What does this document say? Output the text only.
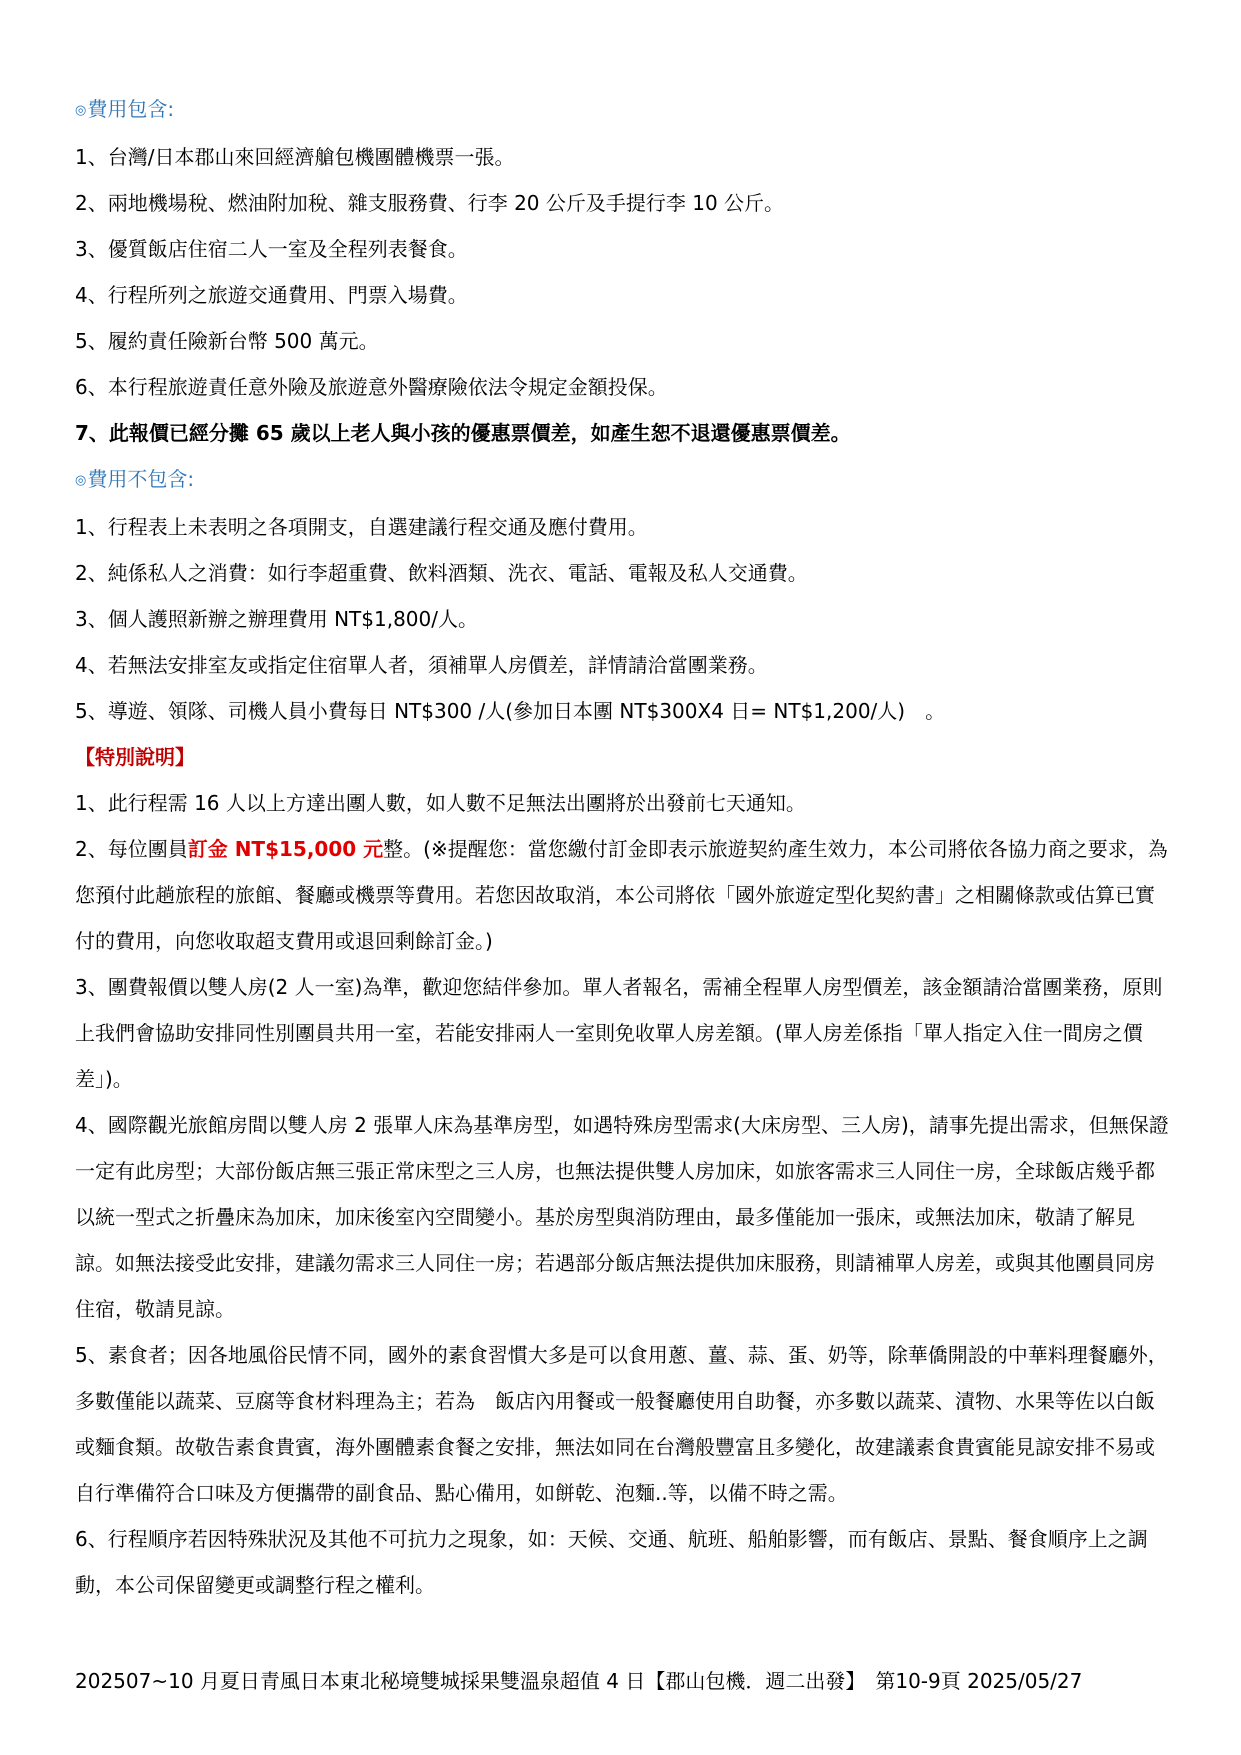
◎費用包含:

1、台灣/日本郡山來回經濟艙包機團體機票一張。

2、兩地機場稅、燃油附加稅、雜支服務費、行李 20 公斤及手提行李 10 公斤。

3、優質飯店住宿二人一室及全程列表餐食。

4、行程所列之旅遊交通費用、門票入場費。

5、履約責任險新台幣 500 萬元。

6、本行程旅遊責任意外險及旅遊意外醫療險依法令規定金額投保。

7、此報價已經分攤 65 歲以上老人與小孩的優惠票價差，如產生恕不退還優惠票價差。

◎費用不包含:

1、行程表上未表明之各項開支，自選建議行程交通及應付費用。

2、純係私人之消費：如行李超重費、飲料酒類、洗衣、電話、電報及私人交通費。

3、個人護照新辦之辦理費用 NT$1,800/人。

4、若無法安排室友或指定住宿單人者，須補單人房價差，詳情請洽當團業務。

5、導遊、領隊、司機人員小費每日 NT$300 /人(參加日本團 NT$300X4 日= NT$1,200/人)　。

【特別說明】

1、此行程需 16 人以上方達出團人數，如人數不足無法出團將於出發前七天通知。

2、每位團員訂金 NT$15,000 元整。(※提醒您：當您繳付訂金即表示旅遊契約產生效力，本公司將依各協力商之要求，為您預付此趟旅程的旅館、餐廳或機票等費用。若您因故取消，本公司將依「國外旅遊定型化契約書」之相關條款或估算已實付的費用，向您收取超支費用或退回剩餘訂金。)

3、團費報價以雙人房(2 人一室)為準，歡迎您結伴參加。單人者報名，需補全程單人房型價差，該金額請洽當團業務，原則上我們會協助安排同性別團員共用一室，若能安排兩人一室則免收單人房差額。(單人房差係指「單人指定入住一間房之價差」)。

4、國際觀光旅館房間以雙人房 2 張單人床為基準房型，如遇特殊房型需求(大床房型、三人房)，請事先提出需求，但無保證一定有此房型；大部份飯店無三張正常床型之三人房，也無法提供雙人房加床，如旅客需求三人同住一房，全球飯店幾乎都以統一型式之折疊床為加床，加床後室內空間變小。基於房型與消防理由，最多僅能加一張床，或無法加床，敬請了解見諒。如無法接受此安排，建議勿需求三人同住一房；若遇部分飯店無法提供加床服務，則請補單人房差，或與其他團員同房住宿，敬請見諒。

5、素食者；因各地風俗民情不同，國外的素食習慣大多是可以食用蔥、薑、蒜、蛋、奶等，除華僑開設的中華料理餐廳外，多數僅能以蔬菜、豆腐等食材料理為主；若為　飯店內用餐或一般餐廳使用自助餐，亦多數以蔬菜、漬物、水果等佐以白飯或麵食類。故敬告素食貴賓，海外團體素食餐之安排，無法如同在台灣般豐富且多變化，故建議素食貴賓能見諒安排不易或自行準備符合口味及方便攜帶的副食品、點心備用，如餅乾、泡麵..等，以備不時之需。

6、行程順序若因特殊狀況及其他不可抗力之現象，如：天候、交通、航班、船舶影響，而有飯店、景點、餐食順序上之調動，本公司保留變更或調整行程之權利。

202507~10 月夏日青風日本東北秘境雙城採果雙溫泉超值 4 日【郡山包機．週二出發】　第10-9頁 2025/05/27
